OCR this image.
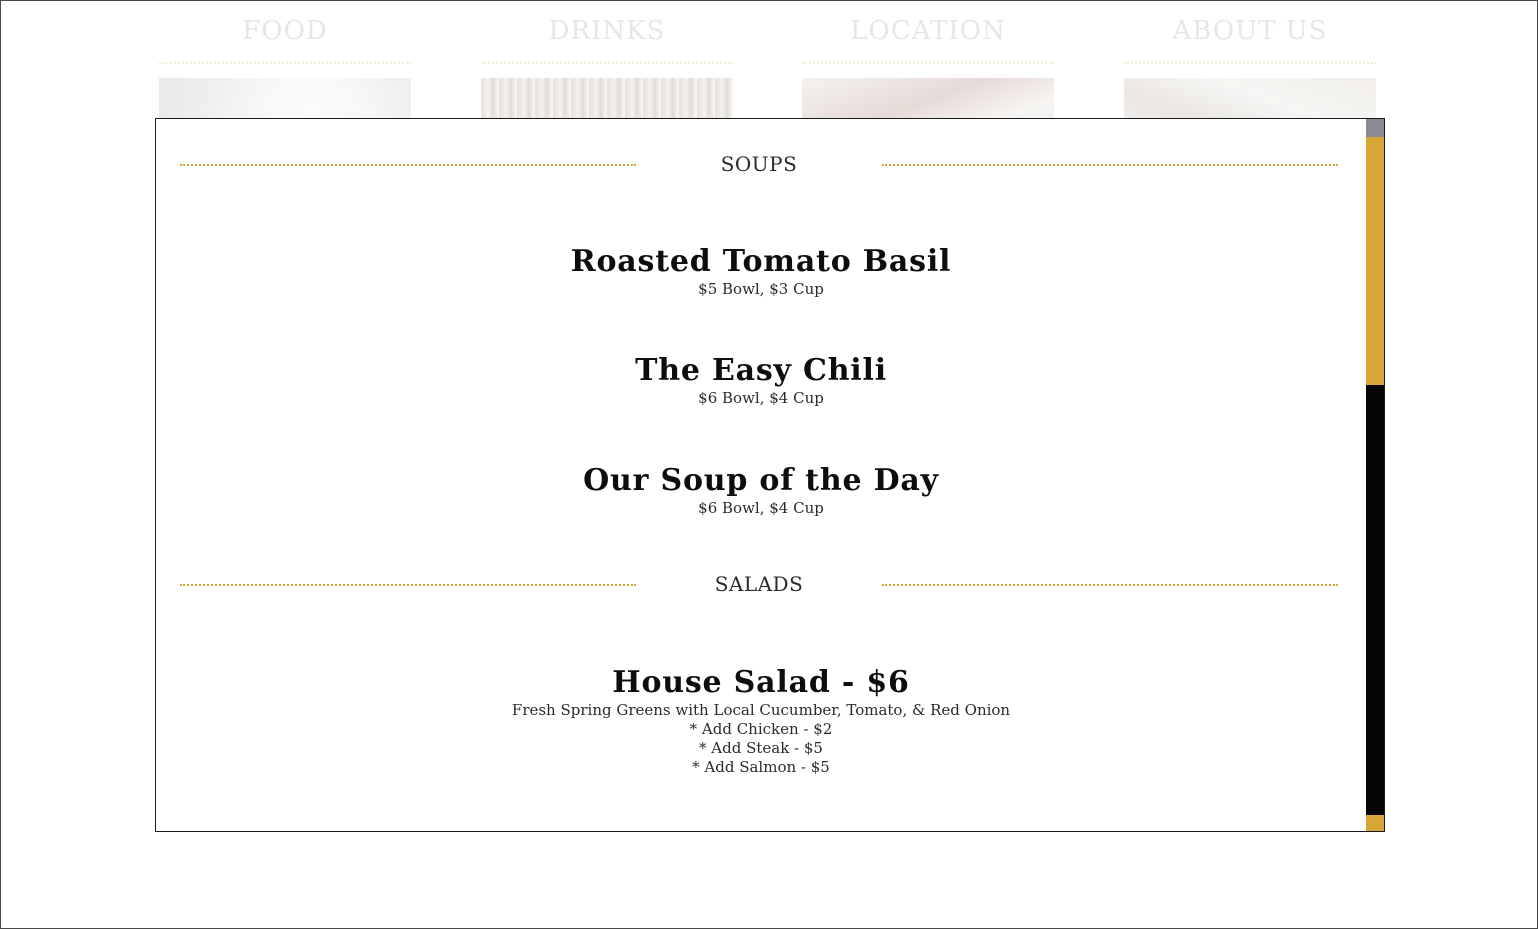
FOOD	DRINKS	LOCATION	ABOUT US
SOUPS
Roasted Tomato Basil
$5 Bowl, $3 Cup
The Easy Chili
$6 Bowl, $4 Cup
Our Soup of the Day
$6 Bowl, $4 Cup
SALADS
House Salad - $6
Fresh Spring Greens with Local Cucumber, Tomato, & Red Onion
* Add Chicken - $2
* Add Steak - $5
* Add Salmon - $5
